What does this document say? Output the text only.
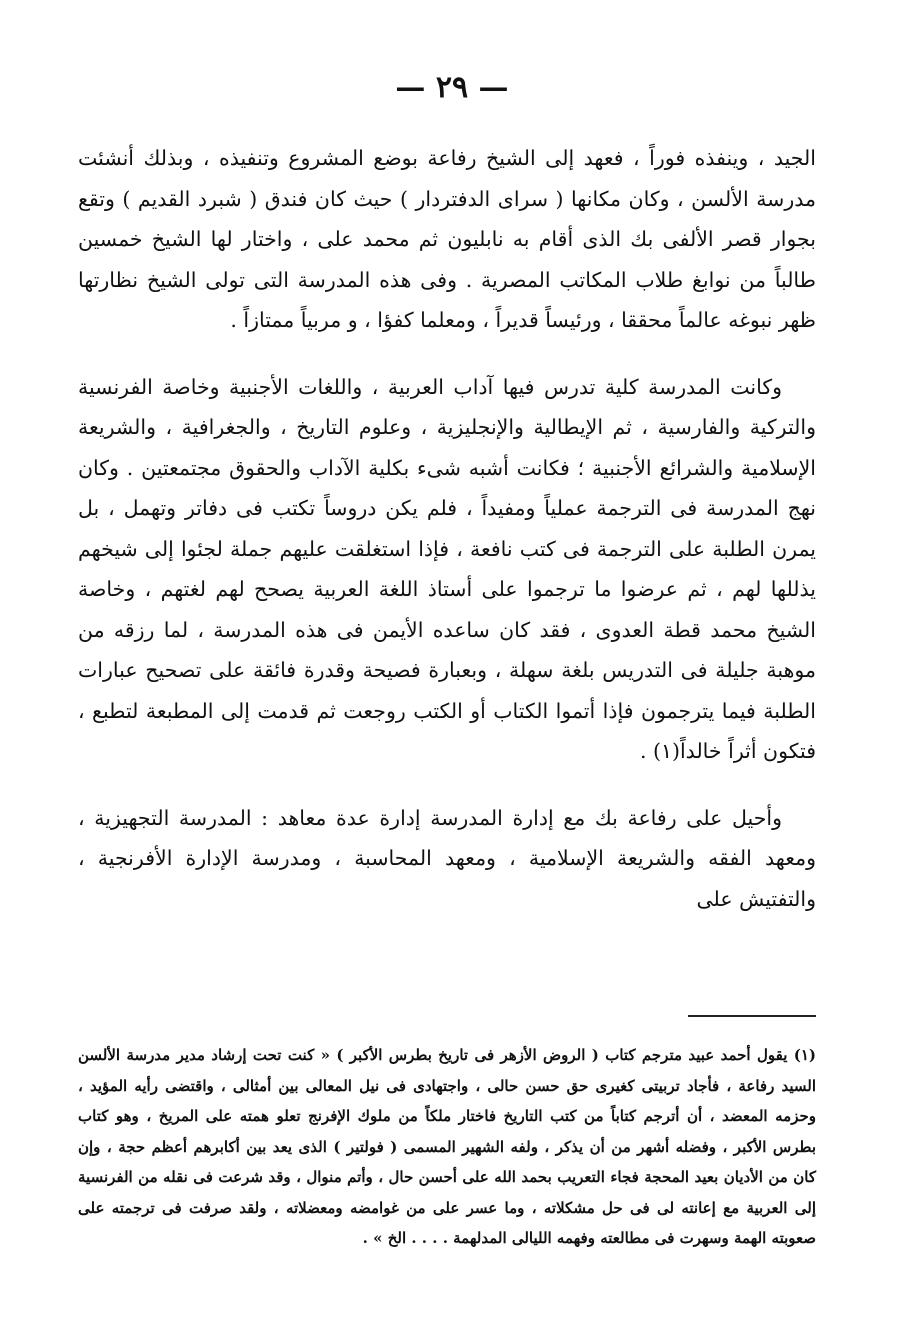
— ٢٩ —

الجيد ، وينفذه فوراً ، فعهد إلى الشيخ رفاعة بوضع المشروع وتنفيذه ، وبذلك أنشئت مدرسة الألسن ، وكان مكانها ( سراى الدفتردار ) حيث كان فندق ( شبرد القديم ) وتقع بجوار قصر الألفى بك الذى أقام به نابليون ثم محمد على ، واختار لها الشيخ خمسين طالباً من نوابغ طلاب المكاتب المصرية . وفى هذه المدرسة التى تولى الشيخ نظارتها ظهر نبوغه عالماً محققا ، ورئيساً قديراً ، ومعلما كفؤا ، و مربياً ممتازاً .

وكانت المدرسة كلية تدرس فيها آداب العربية ، واللغات الأجنبية وخاصة الفرنسية والتركية والفارسية ، ثم الإيطالية والإنجليزية ، وعلوم التاريخ ، والجغرافية ، والشريعة الإسلامية والشرائع الأجنبية ؛ فكانت أشبه شىء بكلية الآداب والحقوق مجتمعتين . وكان نهج المدرسة فى الترجمة عملياً ومفيداً ، فلم يكن دروساً تكتب فى دفاتر وتهمل ، بل يمرن الطلبة على الترجمة فى كتب نافعة ، فإذا استغلقت عليهم جملة لجئوا إلى شيخهم يذللها لهم ، ثم عرضوا ما ترجموا على أستاذ اللغة العربية يصحح لهم لغتهم ، وخاصة الشيخ محمد قطة العدوى ، فقد كان ساعده الأيمن فى هذه المدرسة ، لما رزقه من موهبة جليلة فى التدريس بلغة سهلة ، وبعبارة فصيحة وقدرة فائقة على تصحيح عبارات الطلبة فيما يترجمون فإذا أتموا الكتاب أو الكتب روجعت ثم قدمت إلى المطبعة لتطبع ، فتكون أثراً خالداً(١) .

وأحيل على رفاعة بك مع إدارة المدرسة إدارة عدة معاهد : المدرسة التجهيزية ، ومعهد الفقه والشريعة الإسلامية ، ومعهد المحاسبة ، ومدرسة الإدارة الأفرنجية ، والتفتيش على

(١) يقول أحمد عبيد مترجم كتاب ( الروض الأزهر فى تاريخ بطرس الأكبر ) « كنت تحت إرشاد مدير مدرسة الألسن السيد رفاعة ، فأجاد تربيتى كغيرى حق حسن حالى ، واجتهادى فى نيل المعالى بين أمثالى ، واقتضى رأيه المؤيد ، وحزمه المعضد ، أن أترجم كتاباً من كتب التاريخ فاختار ملكاً من ملوك الإفرنج تعلو همته على المريخ ، وهو كتاب بطرس الأكبر ، وفضله أشهر من أن يذكر ، ولفه الشهير المسمى ( فولتير ) الذى يعد بين أكابرهم أعظم حجة ، وإن كان من الأديان بعيد المحجة فجاء التعريب بحمد الله على أحسن حال ، وأتم منوال ، وقد شرعت فى نقله من الفرنسية إلى العربية مع إعانته لى فى حل مشكلاته ، وما عسر على من غوامضه ومعضلاته ، ولقد صرفت فى ترجمته على صعوبته الهمة وسهرت فى مطالعته وفهمه الليالى المدلهمة . . . . الخ » .
